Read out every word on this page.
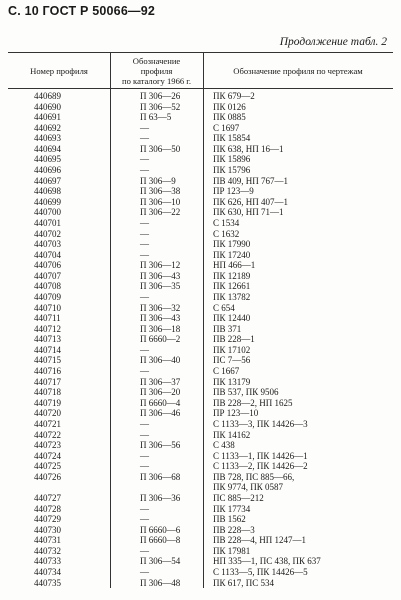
С. 10 ГОСТ Р 50066—92
Продолжение табл. 2
Номер профиля
Обозначение
профиля
по каталогу 1966 г.
Обозначение профиля по чертежам
440689	П 306—26	ПК 679—2
440690	П 306—52	ПК 0126
440691	П 63—5	ПК 0885
440692	—	С 1697
440693	—	ПК 15854
440694	П 306—50	ПК 638, НП 16—1
440695	—	ПК 15896
440696	—	ПК 15796
440697	П 306—9	ПВ 409, НП 767—1
440698	П 306—38	ПР 123—9
440699	П 306—10	ПК 626, НП 407—1
440700	П 306—22	ПК 630, НП 71—1
440701	—	С 1534
440702	—	С 1632
440703	—	ПК 17990
440704	—	ПК 17240
440706	П 306—12	НП 466—1
440707	П 306—43	ПК 12189
440708	П 306—35	ПК 12661
440709	—	ПК 13782
440710	П 306—32	С 654
440711	П 306—43	ПК 12440
440712	П 306—18	ПВ 371
440713	П 6660—2	ПВ 228—1
440714	—	ПК 17102
440715	П 306—40	ПС 7—56
440716	—	С 1667
440717	П 306—37	ПК 13179
440718	П 306—20	ПВ 537, ПК 9506
440719	П 6660—4	ПВ 228—2, НП 1625
440720	П 306—46	ПР 123—10
440721	—	С 1133—3, ПК 14426—3
440722	—	ПК 14162
440723	П 306—56	С 438
440724	—	С 1133—1, ПК 14426—1
440725	—	С 1133—2, ПК 14426—2
440726	П 306—68	ПВ 728, ПС 885—66,
ПК 9774, ПК 0587
440727	П 306—36	ПС 885—212
440728	—	ПК 17734
440729	—	ПВ 1562
440730	П 6660—6	ПВ 228—3
440731	П 6660—8	ПВ 228—4, НП 1247—1
440732	—	ПК 17981
440733	П 306—54	НП 335—1, ПС 438, ПК 637
440734	—	С 1133—5, ПК 14426—5
440735	П 306—48	ПК 617, ПС 534
